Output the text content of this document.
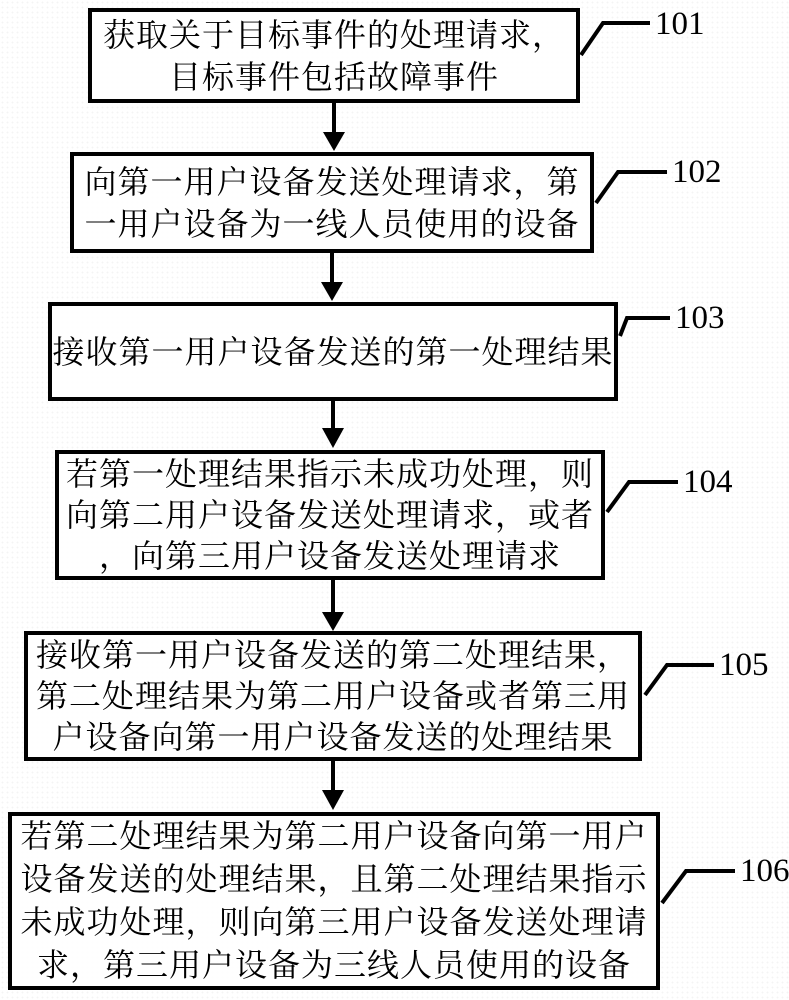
获取关于目标事件的处理请求，
目标事件包括故障事件
向第一用户设备发送处理请求，第
一用户设备为一线人员使用的设备
接收第一用户设备发送的第一处理结果
若第一处理结果指示未成功处理，则
向第二用户设备发送处理请求，或者
，向第三用户设备发送处理请求
接收第一用户设备发送的第二处理结果，
第二处理结果为第二用户设备或者第三用
户设备向第一用户设备发送的处理结果
若第二处理结果为第二用户设备向第一用户
设备发送的处理结果，且第二处理结果指示
未成功处理，则向第三用户设备发送处理请
求，第三用户设备为三线人员使用的设备
101
102
103
104
105
106
